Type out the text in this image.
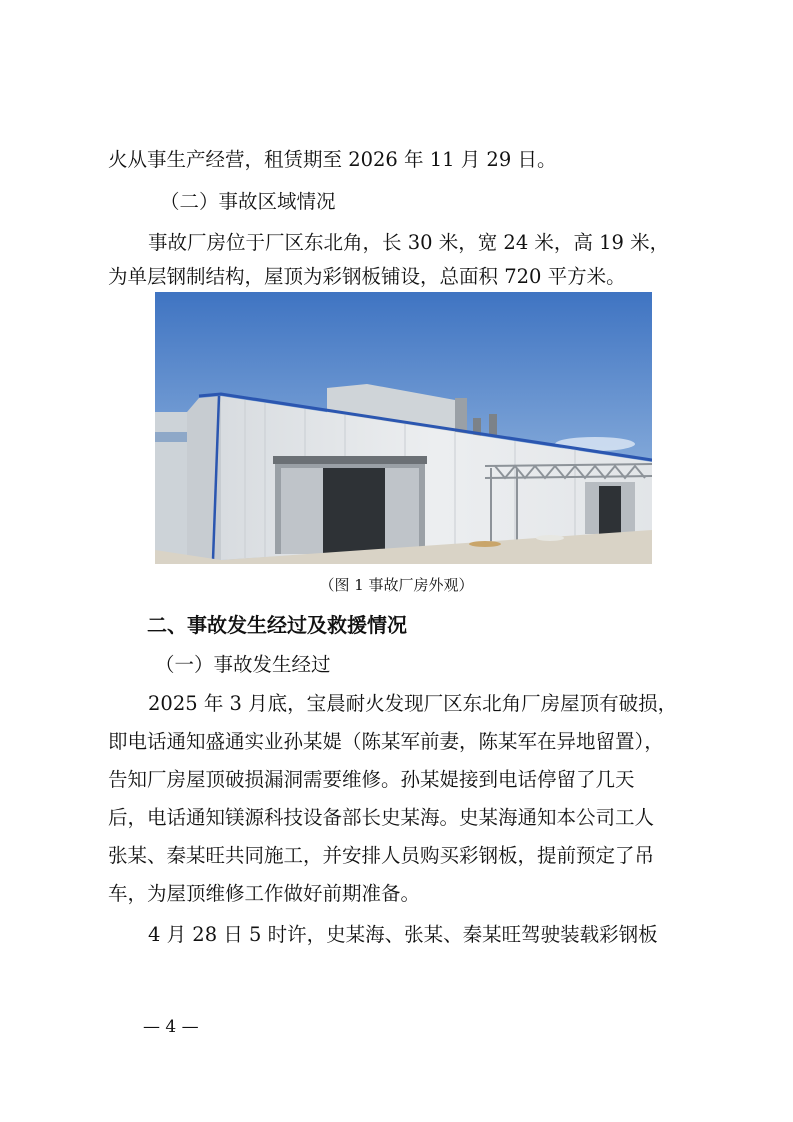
火从事生产经营，租赁期至 2026 年 11 月 29 日。
（二）事故区域情况
事故厂房位于厂区东北角，长 30 米，宽 24 米，高 19 米，
为单层钢制结构，屋顶为彩钢板铺设，总面积 720 平方米。
（图 1 事故厂房外观）
二、事故发生经过及救援情况
（一）事故发生经过
2025 年 3 月底，宝晨耐火发现厂区东北角厂房屋顶有破损，
即电话通知盛通实业孙某媞（陈某军前妻，陈某军在异地留置），
告知厂房屋顶破损漏洞需要维修。孙某媞接到电话停留了几天
后，电话通知镁源科技设备部长史某海。史某海通知本公司工人
张某、秦某旺共同施工，并安排人员购买彩钢板，提前预定了吊
车，为屋顶维修工作做好前期准备。
4 月 28 日 5 时许，史某海、张某、秦某旺驾驶装载彩钢板
— 4 —
